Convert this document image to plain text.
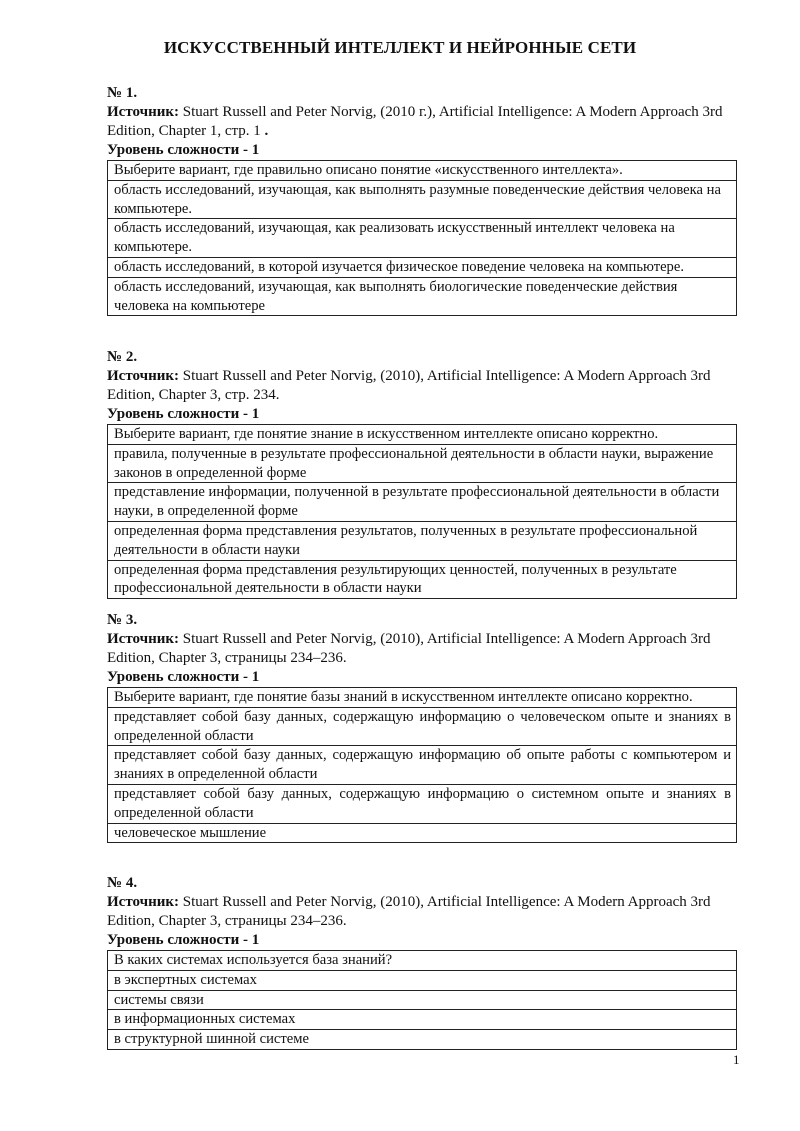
ИСКУССТВЕННЫЙ ИНТЕЛЛЕКТ И НЕЙРОННЫЕ СЕТИ
№ 1.
Источник: Stuart Russell and Peter Norvig, (2010 г.), Artificial Intelligence: A Modern Approach 3rd Edition, Chapter 1, стр. 1 .
Уровень сложности - 1
Выберите вариант, где правильно описано понятие «искусственного интеллекта».
область исследований, изучающая, как выполнять разумные поведенческие действия человека на компьютере.
область исследований, изучающая, как реализовать искусственный интеллект человека на компьютере.
область исследований, в которой изучается физическое поведение человека на компьютере.
область исследований, изучающая, как выполнять биологические поведенческие действия человека на компьютере
№ 2.
Источник: Stuart Russell and Peter Norvig, (2010), Artificial Intelligence: A Modern Approach 3rd Edition, Chapter 3, стр. 234.
Уровень сложности - 1
Выберите вариант, где понятие знание в искусственном интеллекте описано корректно.
правила, полученные в результате профессиональной деятельности в области науки, выражение законов в определенной форме
представление информации, полученной в результате профессиональной деятельности в области науки, в определенной форме
определенная форма представления результатов, полученных в результате профессиональной деятельности в области науки
определенная форма представления результирующих ценностей, полученных в результате профессиональной деятельности в области науки
№ 3.
Источник: Stuart Russell and Peter Norvig, (2010), Artificial Intelligence: A Modern Approach 3rd Edition, Chapter 3, страницы 234–236.
Уровень сложности - 1
Выберите вариант, где понятие базы знаний в искусственном интеллекте описано корректно.
представляет собой базу данных, содержащую информацию о человеческом опыте и знаниях в определенной области
представляет собой базу данных, содержащую информацию об опыте работы с компьютером и знаниях в определенной области
представляет собой базу данных, содержащую информацию о системном опыте и знаниях в определенной области
человеческое мышление
№ 4.
Источник: Stuart Russell and Peter Norvig, (2010), Artificial Intelligence: A Modern Approach 3rd Edition, Chapter 3, страницы 234–236.
Уровень сложности - 1
В каких системах используется база знаний?
в экспертных системах
системы связи
в информационных системах
в структурной шинной системе
1
